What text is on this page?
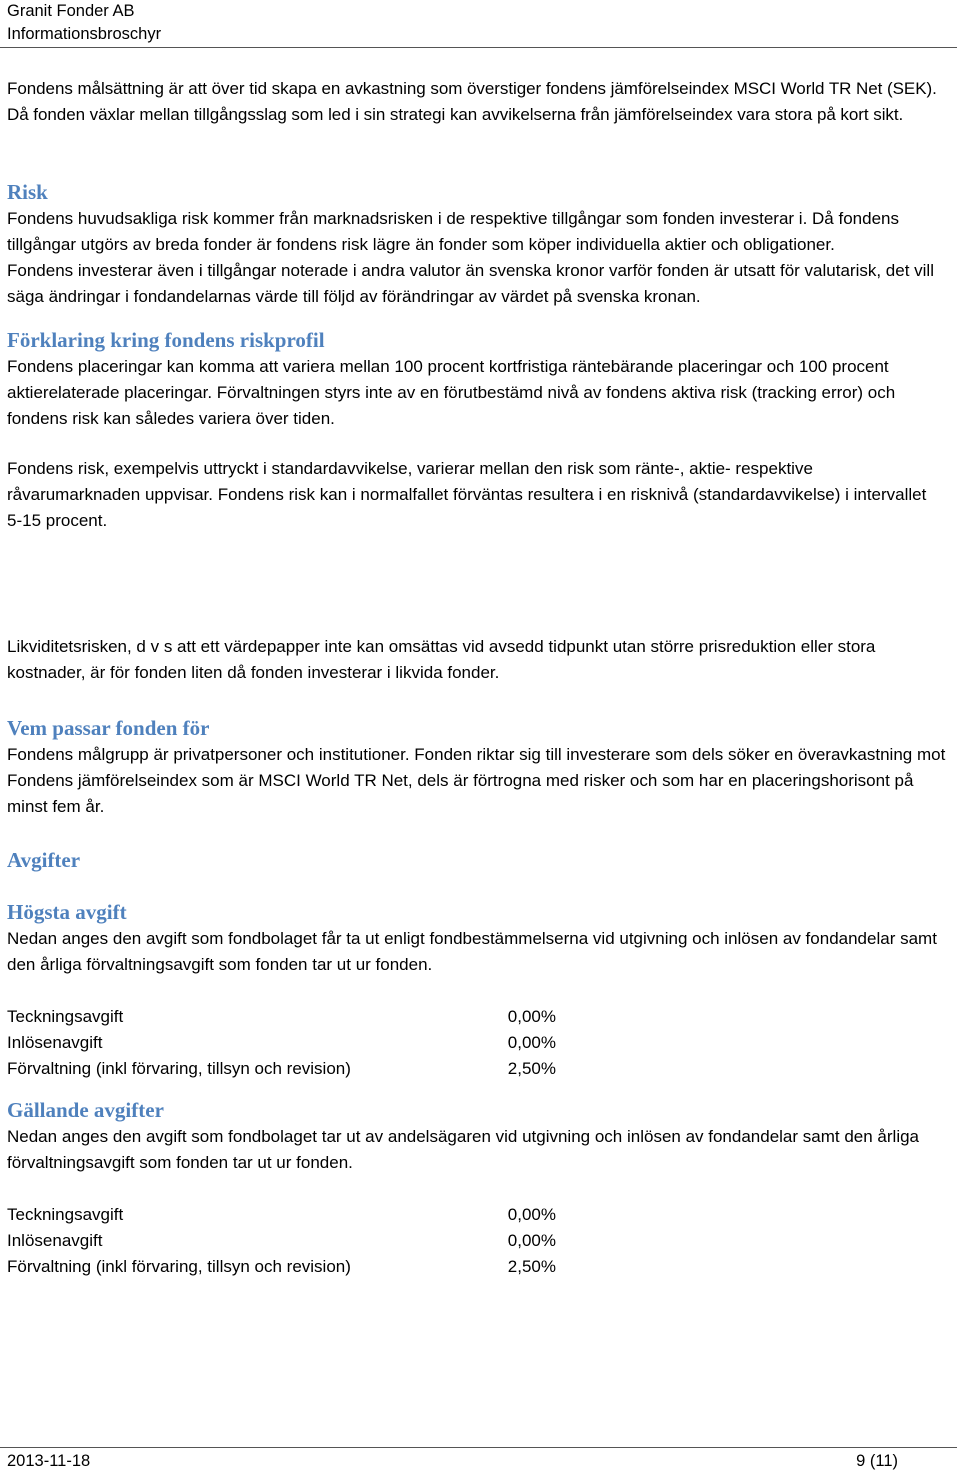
Granit Fonder AB
Informationsbroschyr

Fondens målsättning är att över tid skapa en avkastning som överstiger fondens jämförelseindex MSCI World TR Net (SEK). Då fonden växlar mellan tillgångsslag som led i sin strategi kan avvikelserna från jämförelseindex vara stora på kort sikt.

Risk

Fondens huvudsakliga risk kommer från marknadsrisken i de respektive tillgångar som fonden investerar i. Då fondens tillgångar utgörs av breda fonder är fondens risk lägre än fonder som köper individuella aktier och obligationer.

Fondens investerar även i tillgångar noterade i andra valutor än svenska kronor varför fonden är utsatt för valutarisk, det vill säga ändringar i fondandelarnas värde till följd av förändringar av värdet på svenska kronan.

Förklaring kring fondens riskprofil

Fondens placeringar kan komma att variera mellan 100 procent kortfristiga räntebärande placeringar och 100 procent aktierelaterade placeringar. Förvaltningen styrs inte av en förutbestämd nivå av fondens aktiva risk (tracking error) och fondens risk kan således variera över tiden.

Fondens risk, exempelvis uttryckt i standardavvikelse, varierar mellan den risk som ränte-, aktie- respektive råvarumarknaden uppvisar. Fondens risk kan i normalfallet förväntas resultera i en risknivå (standardavvikelse) i intervallet 5-15 procent.

Likviditetsrisken, d v s att ett värdepapper inte kan omsättas vid avsedd tidpunkt utan större prisreduktion eller stora kostnader, är för fonden liten då fonden investerar i likvida fonder.

Vem passar fonden för

Fondens målgrupp är privatpersoner och institutioner. Fonden riktar sig till investerare som dels söker en överavkastning mot Fondens jämförelseindex som är MSCI World TR Net, dels är förtrogna med risker och som har en placeringshorisont på minst fem år.

Avgifter
Högsta avgift

Nedan anges den avgift som fondbolaget får ta ut enligt fondbestämmelserna vid utgivning och inlösen av fondandelar samt den årliga förvaltningsavgift som fonden tar ut ur fonden.

Teckningsavgift	0,00%
Inlösenavgift	0,00%
Förvaltning (inkl förvaring, tillsyn och revision)	2,50%
Gällande avgifter

Nedan anges den avgift som fondbolaget tar ut av andelsägaren vid utgivning och inlösen av fondandelar samt den årliga förvaltningsavgift som fonden tar ut ur fonden.

Teckningsavgift	0,00%
Inlösenavgift	0,00%
Förvaltning (inkl förvaring, tillsyn och revision)	2,50%
2013-11-18	9 (11)
